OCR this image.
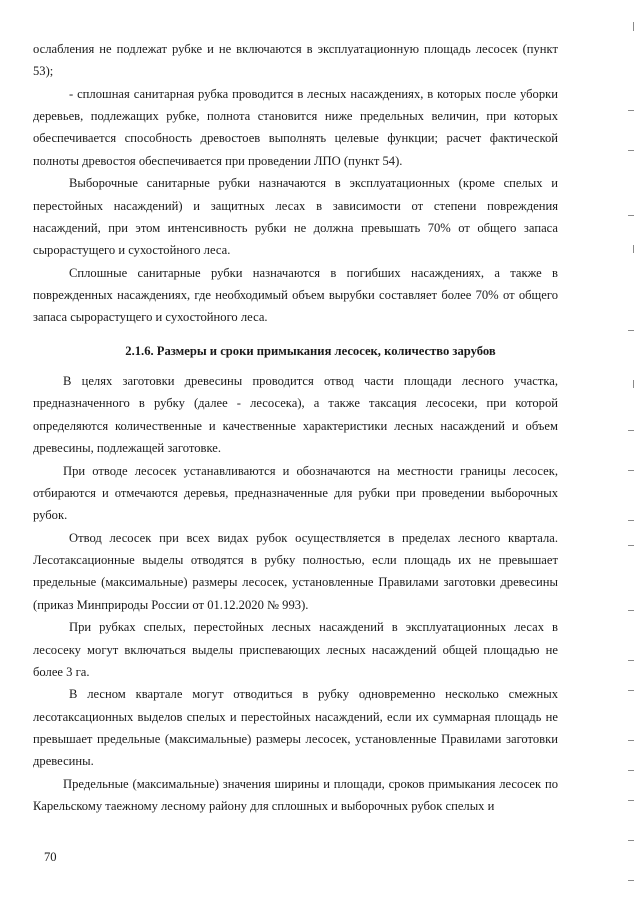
ослабления не подлежат рубке и не включаются в эксплуатационную площадь лесосек (пункт 53);

- сплошная санитарная рубка проводится в лесных насаждениях, в которых после уборки деревьев, подлежащих рубке, полнота становится ниже предельных величин, при которых обеспечивается способность древостоев выполнять целевые функции; расчет фактической полноты древостоя обеспечивается при проведении ЛПО (пункт 54).

Выборочные санитарные рубки назначаются в эксплуатационных (кроме спелых и перестойных насаждений) и защитных лесах в зависимости от степени повреждения насаждений, при этом интенсивность рубки не должна превышать 70% от общего запаса сырорастущего и сухостойного леса.

Сплошные санитарные рубки назначаются в погибших насаждениях, а также в поврежденных насаждениях, где необходимый объем вырубки составляет более 70% от общего запаса сырорастущего и сухостойного леса.

2.1.6. Размеры и сроки примыкания лесосек, количество зарубов

В целях заготовки древесины проводится отвод части площади лесного участка, предназначенного в рубку (далее - лесосека), а также таксация лесосеки, при которой определяются количественные и качественные характеристики лесных насаждений и объем древесины, подлежащей заготовке.

При отводе лесосек устанавливаются и обозначаются на местности границы лесосек, отбираются и отмечаются деревья, предназначенные для рубки при проведении выборочных рубок.

Отвод лесосек при всех видах рубок осуществляется в пределах лесного квартала. Лесотаксационные выделы отводятся в рубку полностью, если площадь их не превышает предельные (максимальные) размеры лесосек, установленные Правилами заготовки древесины (приказ Минприроды России от 01.12.2020 № 993).

При рубках спелых, перестойных лесных насаждений в эксплуатационных лесах в лесосеку могут включаться выделы приспевающих лесных насаждений общей площадью не более 3 га.

В лесном квартале могут отводиться в рубку одновременно несколько смежных лесотаксационных выделов спелых и перестойных насаждений, если их суммарная площадь не превышает предельные (максимальные) размеры лесосек, установленные Правилами заготовки древесины.

Предельные (максимальные) значения ширины и площади, сроков примыкания лесосек по Карельскому таежному лесному району для сплошных и выборочных рубок спелых и

70
